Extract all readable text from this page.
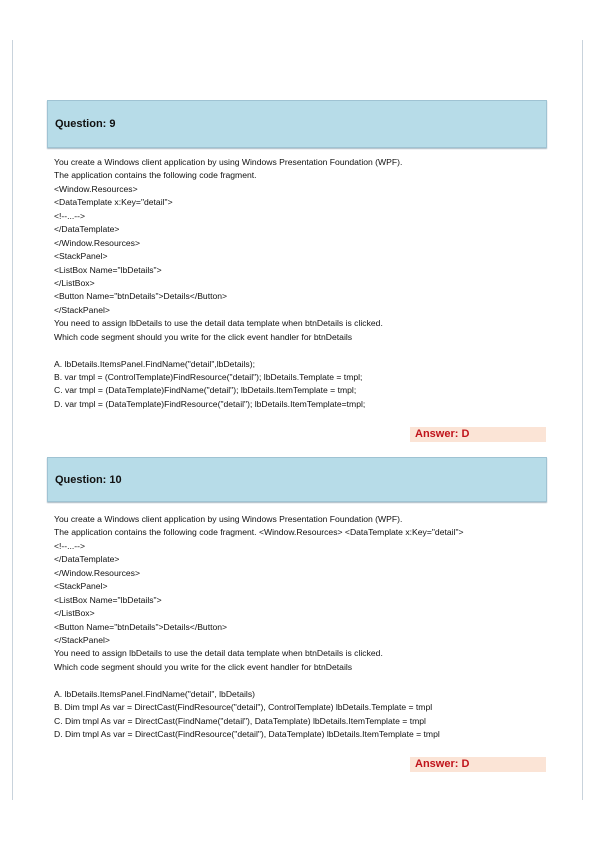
Question: 9
You create a Windows client application by using Windows Presentation Foundation (WPF).
The application contains the following code fragment.
<Window.Resources>
<DataTemplate x:Key="detail">
<!--...-->
</DataTemplate>
</Window.Resources>
<StackPanel>
<ListBox Name="lbDetails">
</ListBox>
<Button Name="btnDetails">Details</Button>
</StackPanel>
You need to assign lbDetails to use the detail data template when btnDetails is clicked.
Which code segment should you write for the click event handler for btnDetails
A. lbDetails.ItemsPanel.FindName("detail",lbDetails);
B. var tmpl = (ControlTemplate)FindResource("detail"); lbDetails.Template = tmpl;
C. var tmpl = (DataTemplate)FindName("detail"); lbDetails.ItemTemplate = tmpl;
D. var tmpl = (DataTemplate)FindResource("detail"); lbDetails.ItemTemplate=tmpl;
Answer: D
Question: 10
You create a Windows client application by using Windows Presentation Foundation (WPF).
The application contains the following code fragment. <Window.Resources> <DataTemplate x:Key="detail">
<!--...-->
</DataTemplate>
</Window.Resources>
<StackPanel>
<ListBox Name="lbDetails">
</ListBox>
<Button Name="btnDetails">Details</Button>
</StackPanel>
You need to assign lbDetails to use the detail data template when btnDetails is clicked.
Which code segment should you write for the click event handler for btnDetails
A. lbDetails.ItemsPanel.FindName("detail", lbDetails)
B. Dim tmpl As var = DirectCast(FindResource("detail"), ControlTemplate) lbDetails.Template = tmpl
C. Dim tmpl As var = DirectCast(FindName("detail"), DataTemplate) lbDetails.ItemTemplate = tmpl
D. Dim tmpl As var = DirectCast(FindResource("detail"), DataTemplate) lbDetails.ItemTemplate = tmpl
Answer: D
